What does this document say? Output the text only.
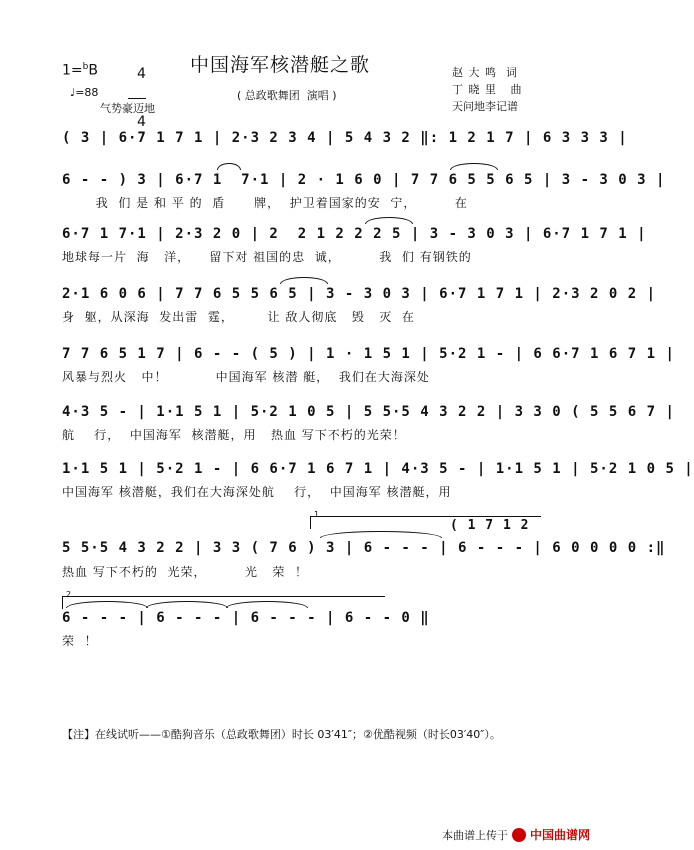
中国海军核潜艇之歌
( 总政歌舞团  演唱 )
1=$^b$B	4

4

♩=88
气势豪迈地
赵 大 鸣  词
丁 晓 里   曲
天问地李记谱
( 3 | 6·7 1 7 1 | 2·3 2 3 4 | 5 4 3 2 ‖: 1 2 1 7 | 6 3 3 3 |
6 - - ) 3 | 6·7 1  7·1 | 2 · 1 6 0 | 7 7 6 5 5 6 5 | 3 - 3 0 3 |
我  们 是 和 平 的  盾      牌，  护卫着国家的安  宁，        在
6·7 1 7·1 | 2·3 2 0 | 2  2 1 2 2 2 5 | 3 - 3 0 3 | 6·7 1 7 1 |
地球每一片  海   洋，    留下对 祖国的忠  诚，        我  们 有钢铁的
2·1 6 0 6 | 7 7 6 5 5 6 5 | 3 - 3 0 3 | 6·7 1 7 1 | 2·3 2 0 2 |
身  躯，从深海  发出雷  霆，       让 敌人彻底   毁   灭  在
7 7 6 5 1 7 | 6 - - ( 5 ) | 1 · 1 5 1 | 5·2 1 - | 6 6·7 1 6 7 1 |
风暴与烈火   中！          中国海军 核潜 艇，  我们在大海深处
4·3 5 - | 1·1 5 1 | 5·2 1 0 5 | 5 5·5 4 3 2 2 | 3 3 0 ( 5 5 6 7 |
航    行，  中国海军  核潜艇，用   热血 写下不朽的光荣！
1·1 5 1 | 5·2 1 - | 6 6·7 1 6 7 1 | 4·3 5 - | 1·1 5 1 | 5·2 1 0 5 |
中国海军 核潜艇，我们在大海深处航    行，  中国海军 核潜艇，用
1.
( 1 7 1 2
5 5·5 4 3 2 2 | 3 3 ( 7 6 ) 3 | 6 - - - | 6 - - - | 6 0 0 0 0 :‖
热血 写下不朽的  光荣，        光   荣  ！
2.
6 - - - | 6 - - - | 6 - - - | 6 - - 0 ‖
荣  ！
【注】在线试听——①酷狗音乐（总政歌舞团）时长 03′41″；②优酷视频（时长03′40″）。
本曲谱上传于 中国曲谱网
